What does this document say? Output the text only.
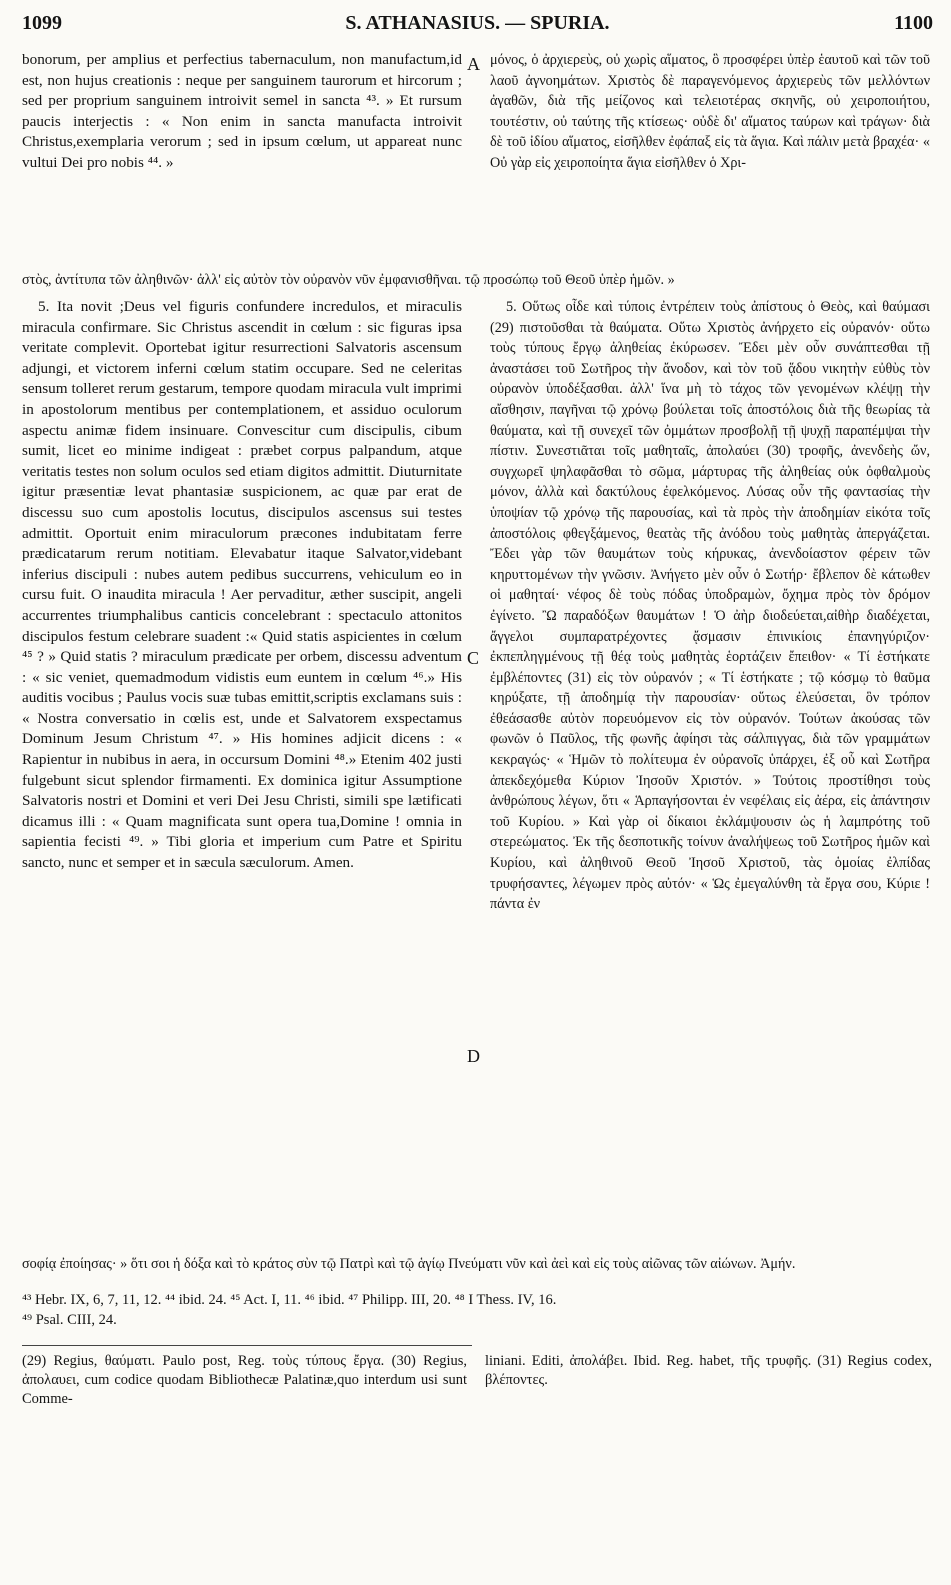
1099	S. ATHANASIUS. — SPURIA.	1100
A
C
D

bonorum, per amplius et perfectius tabernaculum, non manufactum,id est, non hujus creationis : neque per sanguinem taurorum et hircorum ; sed per proprium sanguinem introivit semel in sancta ⁴³. » Et rursum paucis interjectis : « Non enim in sancta manufacta introivit Christus,exemplaria verorum ; sed in ipsum cœlum, ut appareat nunc vultui Dei pro nobis ⁴⁴. »

μόνος, ὁ ἀρχιερεὺς, οὐ χωρὶς αἵματος, ὃ προσφέρει ὑπὲρ ἑαυτοῦ καὶ τῶν τοῦ λαοῦ ἀγνοημάτων. Χριστὸς δὲ παραγενόμενος ἀρχιερεὺς τῶν μελλόντων ἀγαθῶν, διὰ τῆς μείζονος καὶ τελειοτέρας σκηνῆς, οὐ χειροποιήτου, τουτέστιν, οὐ ταύτης τῆς κτίσεως· οὐδὲ δι' αἵματος ταύρων καὶ τράγων· διὰ δὲ τοῦ ἰδίου αἵματος, εἰσῆλθεν ἐφάπαξ εἰς τὰ ἅγια. Καὶ πάλιν μετὰ βραχέα· « Οὐ γὰρ εἰς χειροποίητα ἅγια εἰσῆλθεν ὁ Χρι-

στὸς, ἀντίτυπα τῶν ἀληθινῶν· ἀλλ' εἰς αὐτὸν τὸν οὐρανὸν νῦν ἐμφανισθῆναι. τῷ προσώπῳ τοῦ Θεοῦ ὑπὲρ ἡμῶν. »

5. Ita novit ;Deus vel figuris confundere incredulos, et miraculis miracula confirmare. Sic Christus ascendit in cœlum : sic figuras ipsa veritate complevit. Oportebat igitur resurrectioni Salvatoris ascensum adjungi, et victorem inferni cœlum statim occupare. Sed ne celeritas sensum tolleret rerum gestarum, tempore quodam miracula vult imprimi in apostolorum mentibus per contemplationem, et assiduo oculorum aspectu animæ fidem insinuare. Convescitur cum discipulis, cibum sumit, licet eo minime indigeat : præbet corpus palpandum, atque veritatis testes non solum oculos sed etiam digitos admittit. Diuturnitate igitur præsentiæ levat phantasiæ suspicionem, ac quæ par erat de discessu suo cum apostolis locutus, discipulos ascensus sui testes admittit. Oportuit enim miraculorum præcones indubitatam ferre prædicatarum rerum notitiam. Elevabatur itaque Salvator,videbant inferius discipuli : nubes autem pedibus succurrens, vehiculum eo in cursu fuit. O inaudita miracula ! Aer pervaditur, æther suscipit, angeli accurrentes triumphalibus canticis concelebrant : spectaculo attonitos discipulos festum celebrare suadent :« Quid statis aspicientes in cœlum ⁴⁵ ? » Quid statis ? miraculum prædicate per orbem, discessu adventum : « sic veniet, quemadmodum vidistis eum euntem in cœlum ⁴⁶.» His auditis vocibus ; Paulus vocis suæ tubas emittit,scriptis exclamans suis : « Nostra conversatio in cœlis est, unde et Salvatorem exspectamus Dominum Jesum Christum ⁴⁷. » His homines adjicit dicens : « Rapientur in nubibus in aera, in occursum Domini ⁴⁸.» Etenim 402 justi fulgebunt sicut splendor firmamenti. Ex dominica igitur Assumptione Salvatoris nostri et Domini et veri Dei Jesu Christi, simili spe lætificati dicamus illi : « Quam magnificata sunt opera tua,Domine ! omnia in sapientia fecisti ⁴⁹. » Tibi gloria et imperium cum Patre et Spiritu sancto, nunc et semper et in sæcula sæculorum. Amen.

5. Οὕτως οἶδε καὶ τύποις ἐντρέπειν τοὺς ἀπίστους ὁ Θεὸς, καὶ θαύμασι (29) πιστοῦσθαι τὰ θαύματα. Οὕτω Χριστὸς ἀνήρχετο εἰς οὐρανόν· οὕτω τοὺς τύπους ἔργῳ ἀληθείας ἐκύρωσεν. Ἔδει μὲν οὖν συνάπτεσθαι τῇ ἀναστάσει τοῦ Σωτῆρος τὴν ἄνοδον, καὶ τὸν τοῦ ᾅδου νικητὴν εὐθὺς τὸν οὐρανὸν ὑποδέξασθαι. ἀλλ' ἵνα μὴ τὸ τάχος τῶν γενομένων κλέψῃ τὴν αἴσθησιν, παγῆναι τῷ χρόνῳ βούλεται τοῖς ἀποστόλοις διὰ τῆς θεωρίας τὰ θαύματα, καὶ τῇ συνεχεῖ τῶν ὀμμάτων προσβολῇ τῇ ψυχῇ παραπέμψαι τὴν πίστιν. Συνεστιᾶται τοῖς μαθηταῖς, ἀπολαύει (30) τροφῆς, ἀνενδεὴς ὤν, συγχωρεῖ ψηλαφᾶσθαι τὸ σῶμα, μάρτυρας τῆς ἀληθείας οὐκ ὀφθαλμοὺς μόνον, ἀλλὰ καὶ δακτύλους ἐφελκόμενος. Λύσας οὖν τῆς φαντασίας τὴν ὑποψίαν τῷ χρόνῳ τῆς παρουσίας, καὶ τὰ πρὸς τὴν ἀποδημίαν εἰκότα τοῖς ἀποστόλοις φθεγξάμενος, θεατὰς τῆς ἀνόδου τοὺς μαθητὰς ἀπεργάζεται. Ἔδει γὰρ τῶν θαυμάτων τοὺς κήρυκας, ἀνενδοίαστον φέρειν τῶν κηρυττομένων τὴν γνῶσιν. Ἀνήγετο μὲν οὖν ὁ Σωτήρ· ἔβλεπον δὲ κάτωθεν οἱ μαθηταί· νέφος δὲ τοὺς πόδας ὑποδραμὼν, ὄχημα πρὸς τὸν δρόμον ἐγίνετο. Ὢ παραδόξων θαυμάτων ! Ὁ ἀὴρ διοδεύεται,αἰθὴρ διαδέχεται, ἄγγελοι συμπαρατρέχοντες ᾄσμασιν ἐπινικίοις ἐπανηγύριζον· ἐκπεπληγμένους τῇ θέᾳ τοὺς μαθητὰς ἑορτάζειν ἔπειθον· « Τί ἑστήκατε ἐμβλέποντες (31) εἰς τὸν οὐρανόν ; « Τί ἑστήκατε ; τῷ κόσμῳ τὸ θαῦμα κηρύξατε, τῇ ἀποδημίᾳ τὴν παρουσίαν· οὕτως ἐλεύσεται, ὃν τρόπον ἐθεάσασθε αὐτὸν πορευόμενον εἰς τὸν οὐρανόν. Τούτων ἀκούσας τῶν φωνῶν ὁ Παῦλος, τῆς φωνῆς ἀφίησι τὰς σάλπιγγας, διὰ τῶν γραμμάτων κεκραγώς· « Ἡμῶν τὸ πολίτευμα ἐν οὐρανοῖς ὑπάρχει, ἐξ οὗ καὶ Σωτῆρα ἀπεκδεχόμεθα Κύριον Ἰησοῦν Χριστόν. » Τούτοις προστίθησι τοὺς ἀνθρώπους λέγων, ὅτι « Ἁρπαγήσονται ἐν νεφέλαις εἰς ἀέρα, εἰς ἀπάντησιν τοῦ Κυρίου. » Καὶ γὰρ οἱ δίκαιοι ἐκλάμψουσιν ὡς ἡ λαμπρότης τοῦ στερεώματος. Ἐκ τῆς δεσποτικῆς τοίνυν ἀναλήψεως τοῦ Σωτῆρος ἡμῶν καὶ Κυρίου, καὶ ἀληθινοῦ Θεοῦ Ἰησοῦ Χριστοῦ, τὰς ὁμοίας ἐλπίδας τρυφήσαντες, λέγωμεν πρὸς αὐτόν· « Ὡς ἐμεγαλύνθη τὰ ἔργα σου, Κύριε ! πάντα ἐν

σοφίᾳ ἐποίησας· » ὅτι σοι ἡ δόξα καὶ τὸ κράτος σὺν τῷ Πατρὶ καὶ τῷ ἁγίῳ Πνεύματι νῦν καὶ ἀεὶ καὶ εἰς τοὺς αἰῶνας τῶν αἰώνων. Ἀμήν.

⁴³ Hebr. IX, 6, 7, 11, 12. ⁴⁴ ibid. 24. ⁴⁵ Act. I, 11. ⁴⁶ ibid. ⁴⁷ Philipp. III, 20. ⁴⁸ I Thess. IV, 16.
⁴⁹ Psal. CIII, 24.
(29) Regius, θαύματι. Paulo post, Reg. τοὺς τύπους ἔργα. (30) Regius, ἀπολαυει, cum codice quodam Bibliothecæ Palatinæ,quo interdum usi sunt Comme-
liniani. Editi, ἀπολάβει. Ibid. Reg. habet, τῆς τρυφῆς. (31) Regius codex, βλέποντες.
